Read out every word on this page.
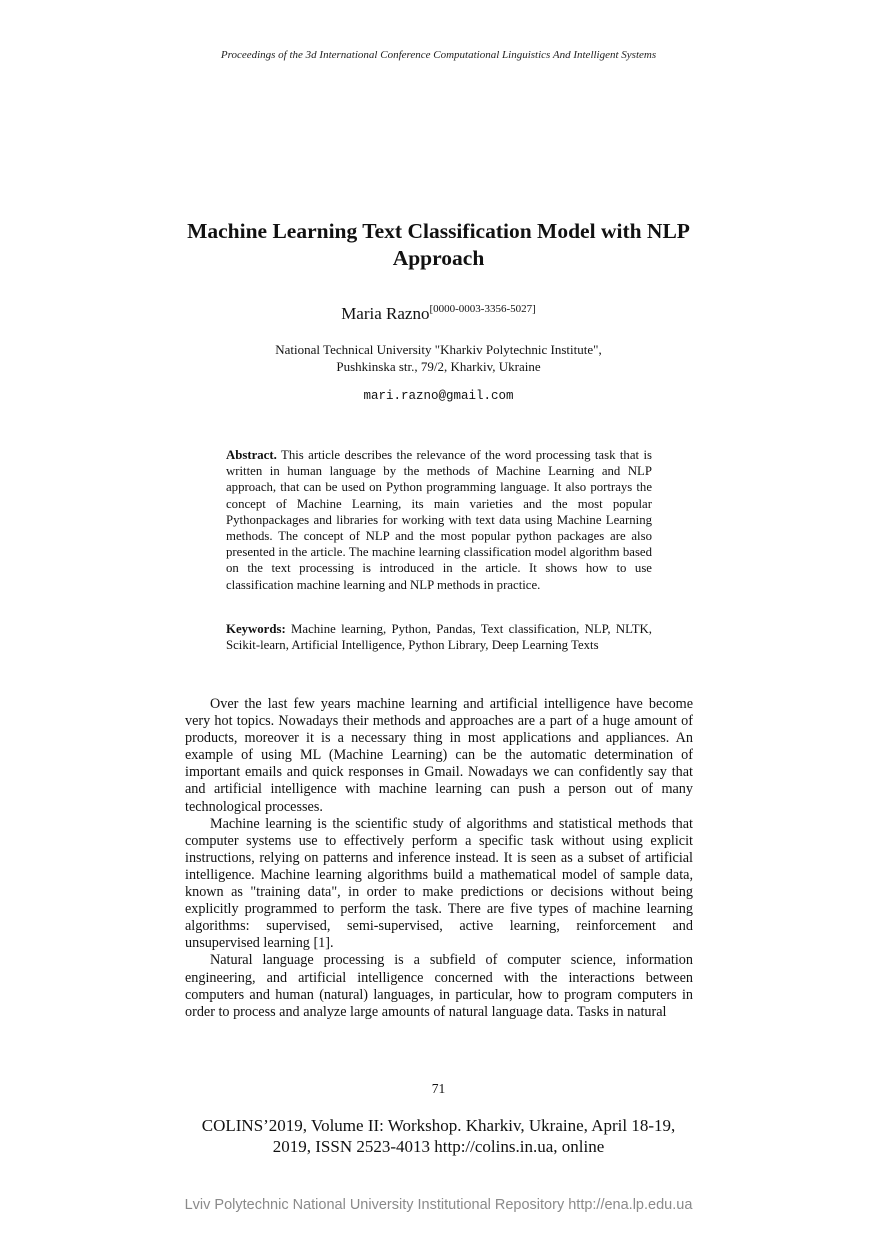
Proceedings of the 3d International Conference Computational Linguistics And Intelligent Systems
Machine Learning Text Classification Model with NLP Approach
Maria Razno[0000-0003-3356-5027]
National Technical University "Kharkiv Polytechnic Institute",
Pushkinska str., 79/2, Kharkiv, Ukraine
mari.razno@gmail.com

Abstract. This article describes the relevance of the word processing task that is written in human language by the methods of Machine Learning and NLP approach, that can be used on Python programming language. It also portrays the concept of Machine Learning, its main varieties and the most popular Pythonpackages and libraries for working with text data using Machine Learning methods. The concept of NLP and the most popular python packages are also presented in the article. The machine learning classification model algorithm based on the text processing is introduced in the article. It shows how to use classification machine learning and NLP methods in practice.

Keywords: Machine learning, Python, Pandas, Text classification, NLP, NLTK, Scikit-learn, Artificial Intelligence, Python Library, Deep Learning Texts

Over the last few years machine learning and artificial intelligence have become very hot topics. Nowadays their methods and approaches are a part of a huge amount of products, moreover it is a necessary thing in most applications and appliances. An example of using ML (Machine Learning) can be the automatic determination of important emails and quick responses in Gmail. Nowadays we can confidently say that and artificial intelligence with machine learning can push a person out of many technological processes.

Machine learning is the scientific study of algorithms and statistical methods that computer systems use to effectively perform a specific task without using explicit instructions, relying on patterns and inference instead. It is seen as a subset of artificial intelligence. Machine learning algorithms build a mathematical model of sample data, known as "training data", in order to make predictions or decisions without being explicitly programmed to perform the task. There are five types of machine learning algorithms: supervised, semi-supervised, active learning, reinforcement and unsupervised learning [1].

Natural language processing is a subfield of computer science, information engineering, and artificial intelligence concerned with the interactions between computers and human (natural) languages, in particular, how to program computers in order to process and analyze large amounts of natural language data. Tasks in natural

71
COLINS’2019, Volume II: Workshop. Kharkiv, Ukraine, April 18-19,
2019, ISSN 2523-4013 http://colins.in.ua, online
Lviv Polytechnic National University Institutional Repository http://ena.lp.edu.ua
